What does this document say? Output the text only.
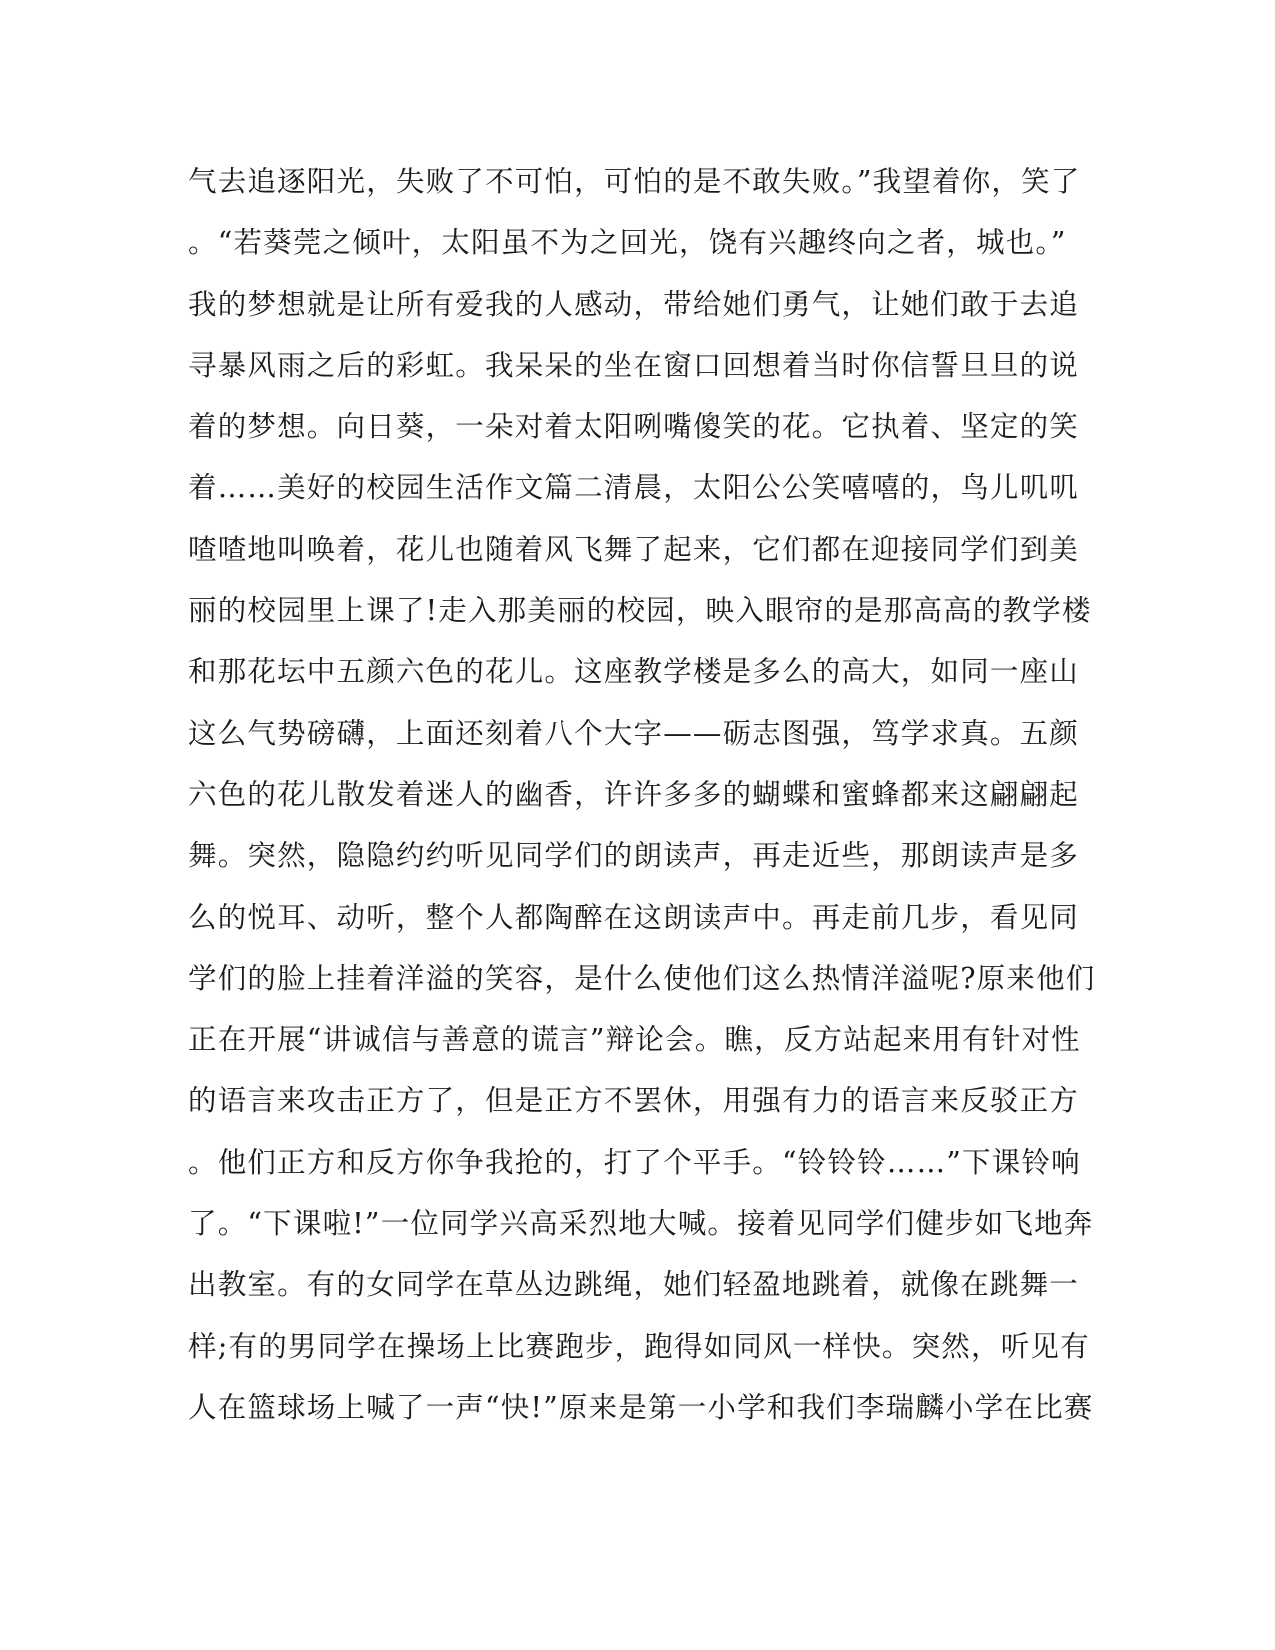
气去追逐阳光，失败了不可怕，可怕的是不敢失败。”我望着你，笑了
。“若葵莞之倾叶，太阳虽不为之回光，饶有兴趣终向之者，城也。”
我的梦想就是让所有爱我的人感动，带给她们勇气，让她们敢于去追
寻暴风雨之后的彩虹。我呆呆的坐在窗口回想着当时你信誓旦旦的说
着的梦想。向日葵，一朵对着太阳咧嘴傻笑的花。它执着、坚定的笑
着……美好的校园生活作文篇二清晨，太阳公公笑嘻嘻的，鸟儿叽叽
喳喳地叫唤着，花儿也随着风飞舞了起来，它们都在迎接同学们到美
丽的校园里上课了!走入那美丽的校园，映入眼帘的是那高高的教学楼
和那花坛中五颜六色的花儿。这座教学楼是多么的高大，如同一座山
这么气势磅礴，上面还刻着八个大字——砺志图强，笃学求真。五颜
六色的花儿散发着迷人的幽香，许许多多的蝴蝶和蜜蜂都来这翩翩起
舞。突然，隐隐约约听见同学们的朗读声，再走近些，那朗读声是多
么的悦耳、动听，整个人都陶醉在这朗读声中。再走前几步，看见同
学们的脸上挂着洋溢的笑容，是什么使他们这么热情洋溢呢?原来他们
正在开展“讲诚信与善意的谎言”辩论会。瞧，反方站起来用有针对性
的语言来攻击正方了，但是正方不罢休，用强有力的语言来反驳正方
。他们正方和反方你争我抢的，打了个平手。“铃铃铃……”下课铃响
了。“下课啦!”一位同学兴高采烈地大喊。接着见同学们健步如飞地奔
出教室。有的女同学在草丛边跳绳，她们轻盈地跳着，就像在跳舞一
样;有的男同学在操场上比赛跑步，跑得如同风一样快。突然，听见有
人在篮球场上喊了一声“快!”原来是第一小学和我们李瑞麟小学在比赛
